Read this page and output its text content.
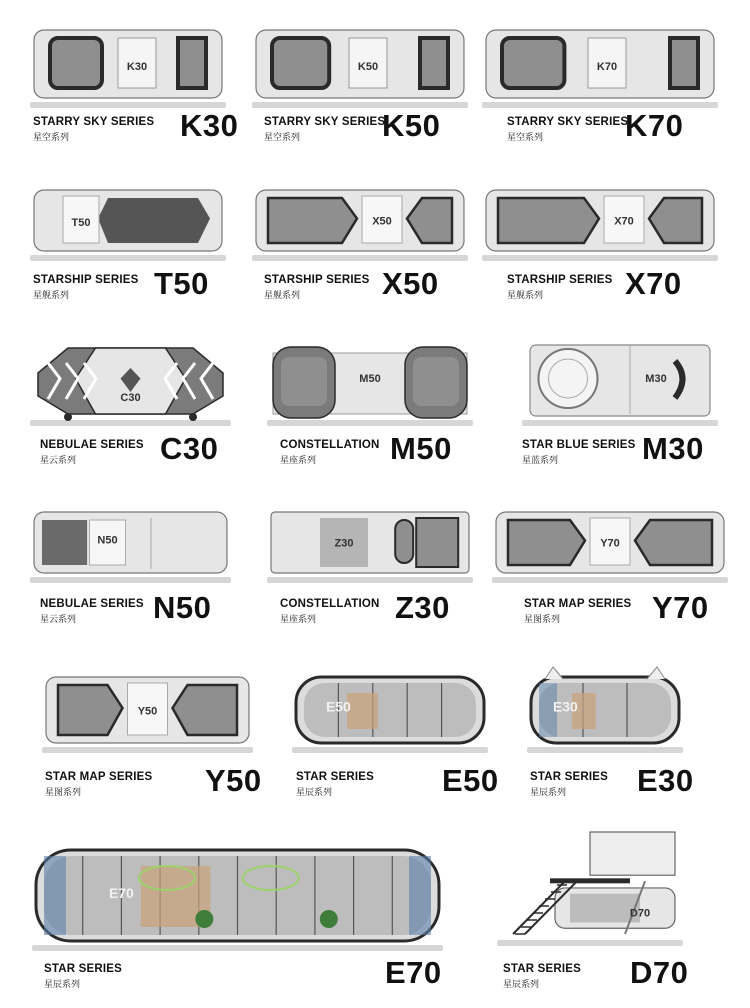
K30
STARRY SKY SERIES
星空系列	K30
K50
STARRY SKY SERIES
星空系列	K50
K70
STARRY SKY SERIES
星空系列	K70
T50
STARSHIP SERIES
星舰系列	T50
X50
STARSHIP SERIES
星舰系列	X50
X70
STARSHIP SERIES
星舰系列	X70
C30
NEBULAE SERIES
星云系列	C30
M50
CONSTELLATION
星座系列 M50
M30
STAR BLUE SERIES
星蓝系列	M30
N50
NEBULAE SERIES
星云系列 N50
Z30
CONSTELLATION
星座系列	Z30
Y70
STAR MAP SERIES
星图系列	Y70
Y50
STAR MAP SERIES
星图系列	Y50
E50
STAR SERIES
星辰系列	E50
E30
STAR SERIES
星辰系列 E30
E70
STAR SERIES
星辰系列	E70
D70
STAR SERIES
星辰系列	D70
